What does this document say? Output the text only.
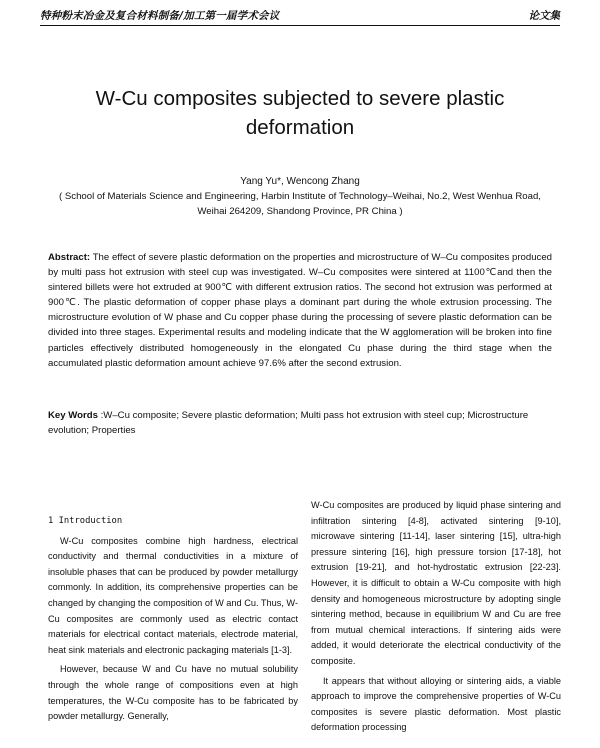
特种粉末冶金及复合材料制备/加工第一届学术会议	论文集
W-Cu composites subjected to severe plastic deformation
Yang Yu*, Wencong Zhang
( School of Materials Science and Engineering, Harbin Institute of Technology–Weihai, No.2, West Wenhua Road, Weihai 264209, Shandong Province, PR China )
Abstract: The effect of severe plastic deformation on the properties and microstructure of W–Cu composites produced by multi pass hot extrusion with steel cup was investigated. W–Cu composites were sintered at 1100℃and then the sintered billets were hot extruded at 900℃ with different extrusion ratios. The second hot extrusion was performed at 900℃. The plastic deformation of copper phase plays a dominant part during the whole extrusion processing. The microstructure evolution of W phase and Cu copper phase during the processing of severe plastic deformation can be divided into three stages. Experimental results and modeling indicate that the W agglomeration will be broken into fine particles effectively distributed homogeneously in the elongated Cu phase during the third stage when the accumulated plastic deformation amount achieve 97.6% after the second extrusion.
Key Words :W–Cu composite; Severe plastic deformation; Multi pass hot extrusion with steel cup; Microstructure evolution; Properties
1 Introduction

W-Cu composites combine high hardness, electrical conductivity and thermal conductivities in a mixture of insoluble phases that can be produced by powder metallurgy commonly. In addition, its comprehensive properties can be changed by changing the composition of W and Cu. Thus, W-Cu composites are commonly used as electric contact materials for electrical contact materials, electrode material, heat sink materials and electronic packaging materials [1-3].

However, because W and Cu have no mutual solubility through the whole range of compositions even at high temperatures, the W-Cu composite has to be fabricated by powder metallurgy. Generally,

W-Cu composites are produced by liquid phase sintering and infiltration sintering [4-8], activated sintering [9-10], microwave sintering [11-14], laser sintering [15], ultra-high pressure sintering [16], high pressure torsion [17-18], hot extrusion [19-21], and hot-hydrostatic extrusion [22-23]. However, it is difficult to obtain a W-Cu composite with high density and homogeneous microstructure by adopting single sintering method, because in equilibrium W and Cu are free from mutual chemical interactions. If sintering aids were added, it would deteriorate the electrical conductivity of the composite.

It appears that without alloying or sintering aids, a viable approach to improve the comprehensive properties of W-Cu composites is severe plastic deformation. Most plastic deformation processing
